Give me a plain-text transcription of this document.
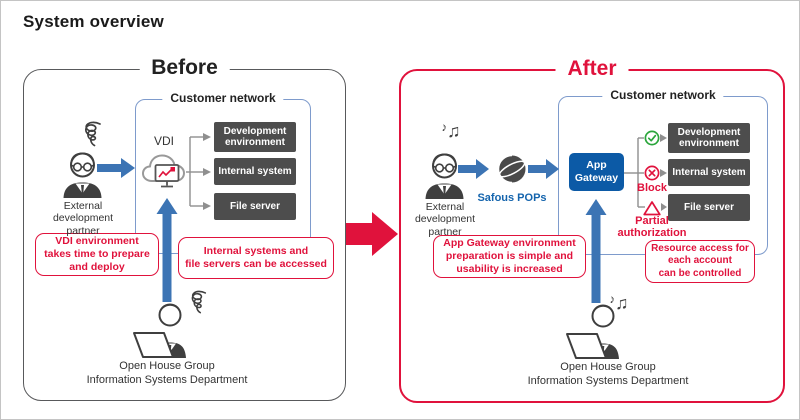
System overview
Before
Customer network
Development environment
Internal system
File server
External development partner
VDI
VDI environment
takes time to prepare
and deploy
Internal systems and
file servers can be accessed
Open House Group
Information Systems Department
After
Customer network
Development environment
Internal system
File server
♪♫
External development partner
Safous POPs
App Gateway
Block
Partial authorization
App Gateway environment
preparation is simple and
usability is increased
Resource access for
each account
can be controlled
♪♫
Open House Group
Information Systems Department
